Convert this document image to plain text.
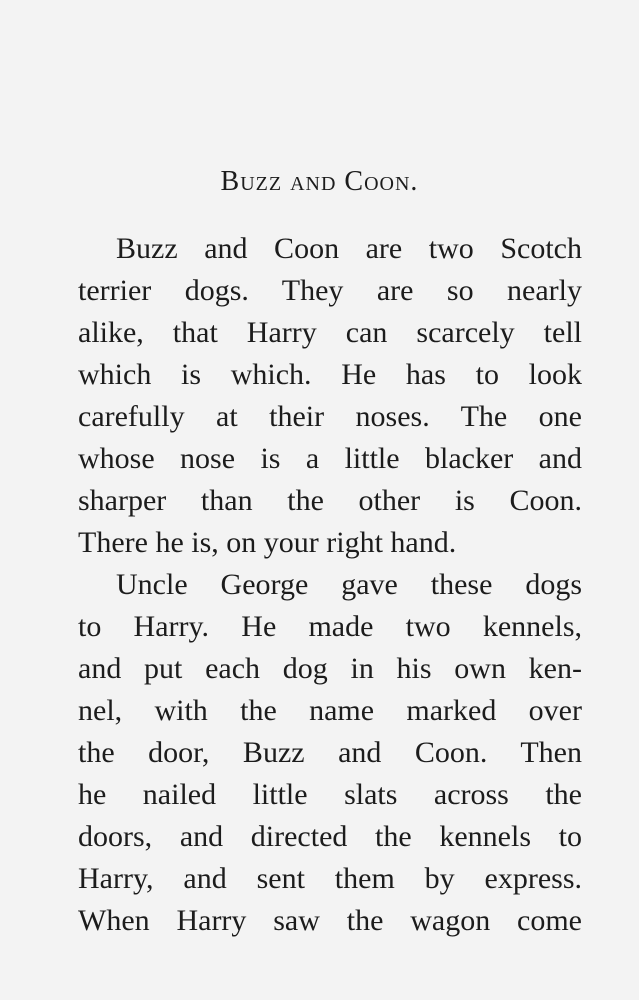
Buzz and Coon.
Buzz and Coon are two Scotch
terrier dogs. They are so nearly
alike, that Harry can scarcely tell
which is which. He has to look
carefully at their noses. The one
whose nose is a little blacker and
sharper than the other is Coon.
There he is, on your right hand.
Uncle George gave these dogs
to Harry. He made two kennels,
and put each dog in his own ken-
nel, with the name marked over
the door, Buzz and Coon. Then
he nailed little slats across the
doors, and directed the kennels to
Harry, and sent them by express.
When Harry saw the wagon come
